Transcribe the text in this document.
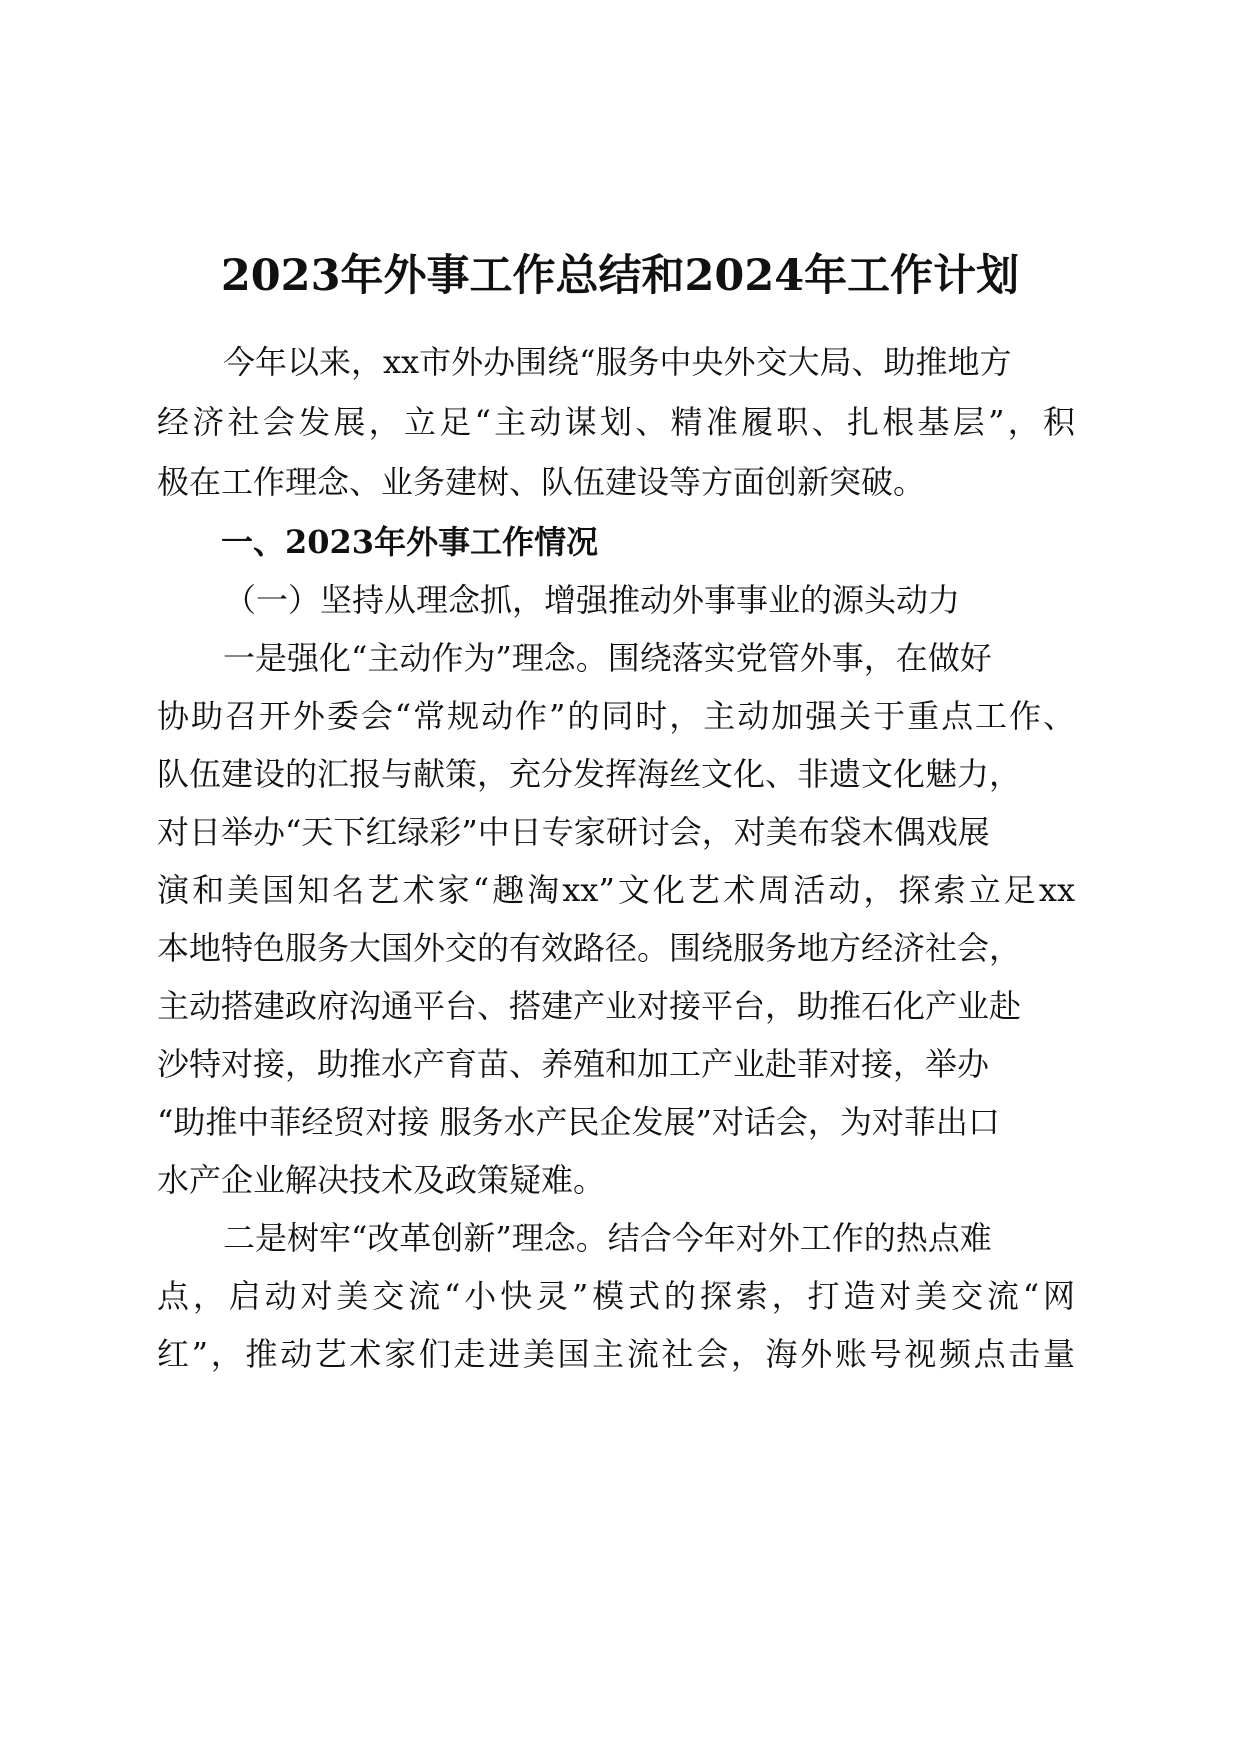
2023年外事工作总结和2024年工作计划
今年以来，xx市外办围绕“服务中央外交大局、助推地方
经济社会发展，立足“主动谋划、精准履职、扎根基层”，积
极在工作理念、业务建树、队伍建设等方面创新突破。
一、2023年外事工作情况
（一）坚持从理念抓，增强推动外事事业的源头动力
一是强化“主动作为”理念。围绕落实党管外事，在做好
协助召开外委会“常规动作”的同时，主动加强关于重点工作、
队伍建设的汇报与献策，充分发挥海丝文化、非遗文化魅力，
对日举办“天下红绿彩”中日专家研讨会，对美布袋木偶戏展
演和美国知名艺术家“趣淘xx”文化艺术周活动，探索立足xx
本地特色服务大国外交的有效路径。围绕服务地方经济社会，
主动搭建政府沟通平台、搭建产业对接平台，助推石化产业赴
沙特对接，助推水产育苗、养殖和加工产业赴菲对接，举办
“助推中菲经贸对接 服务水产民企发展”对话会，为对菲出口
水产企业解决技术及政策疑难。
二是树牢“改革创新”理念。结合今年对外工作的热点难
点，启动对美交流“小快灵”模式的探索，打造对美交流“网
红”，推动艺术家们走进美国主流社会，海外账号视频点击量
